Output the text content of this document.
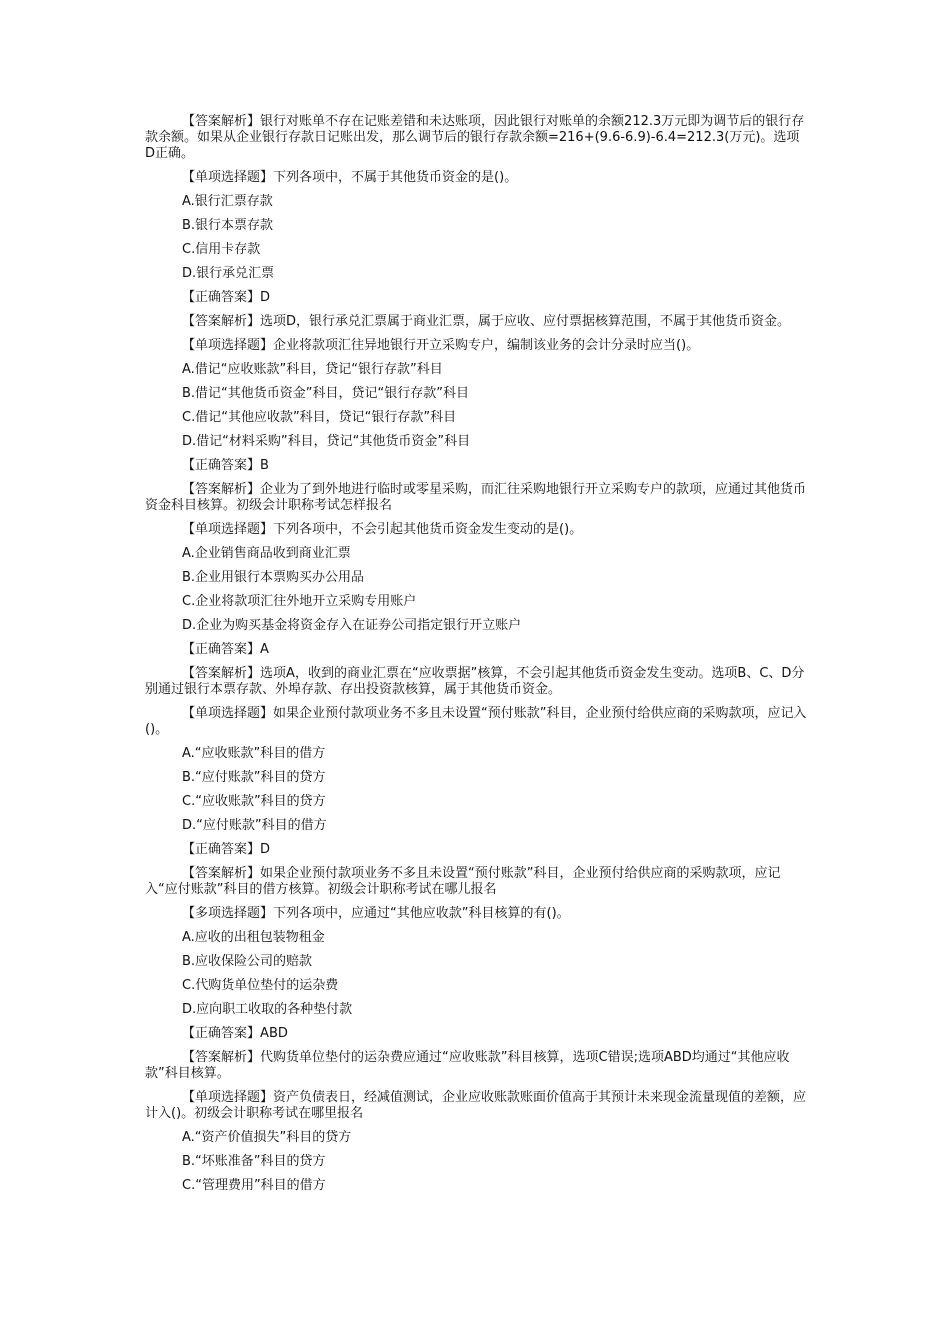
【答案解析】银行对账单不存在记账差错和未达账项，因此银行对账单的余额212.3万元即为调节后的银行存款余额。如果从企业银行存款日记账出发，那么调节后的银行存款余额=216+(9.6-6.9)-6.4=212.3(万元)。选项D正确。

【单项选择题】下列各项中，不属于其他货币资金的是()。

A.银行汇票存款

B.银行本票存款

C.信用卡存款

D.银行承兑汇票

【正确答案】D

【答案解析】选项D，银行承兑汇票属于商业汇票，属于应收、应付票据核算范围，不属于其他货币资金。

【单项选择题】企业将款项汇往异地银行开立采购专户，编制该业务的会计分录时应当()。

A.借记“应收账款”科目，贷记“银行存款”科目

B.借记“其他货币资金”科目，贷记“银行存款”科目

C.借记“其他应收款”科目，贷记“银行存款”科目

D.借记“材料采购”科目，贷记“其他货币资金”科目

【正确答案】B

【答案解析】企业为了到外地进行临时或零星采购，而汇往采购地银行开立采购专户的款项，应通过其他货币资金科目核算。初级会计职称考试怎样报名

【单项选择题】下列各项中，不会引起其他货币资金发生变动的是()。

A.企业销售商品收到商业汇票

B.企业用银行本票购买办公用品

C.企业将款项汇往外地开立采购专用账户

D.企业为购买基金将资金存入在证券公司指定银行开立账户

【正确答案】A

【答案解析】选项A，收到的商业汇票在“应收票据”核算，不会引起其他货币资金发生变动。选项B、C、D分别通过银行本票存款、外埠存款、存出投资款核算，属于其他货币资金。

【单项选择题】如果企业预付款项业务不多且未设置“预付账款”科目，企业预付给供应商的采购款项，应记入()。

A.“应收账款”科目的借方

B.“应付账款”科目的贷方

C.“应收账款”科目的贷方

D.“应付账款”科目的借方

【正确答案】D

【答案解析】如果企业预付款项业务不多且未设置“预付账款”科目，企业预付给供应商的采购款项，应记入“应付账款”科目的借方核算。初级会计职称考试在哪儿报名

【多项选择题】下列各项中，应通过“其他应收款”科目核算的有()。

A.应收的出租包装物租金

B.应收保险公司的赔款

C.代购货单位垫付的运杂费

D.应向职工收取的各种垫付款

【正确答案】ABD

【答案解析】代购货单位垫付的运杂费应通过“应收账款”科目核算，选项C错误;选项ABD均通过“其他应收款”科目核算。

【单项选择题】资产负债表日，经减值测试，企业应收账款账面价值高于其预计未来现金流量现值的差额，应计入()。初级会计职称考试在哪里报名

A.“资产价值损失”科目的贷方

B.“坏账准备”科目的贷方

C.“管理费用”科目的借方
